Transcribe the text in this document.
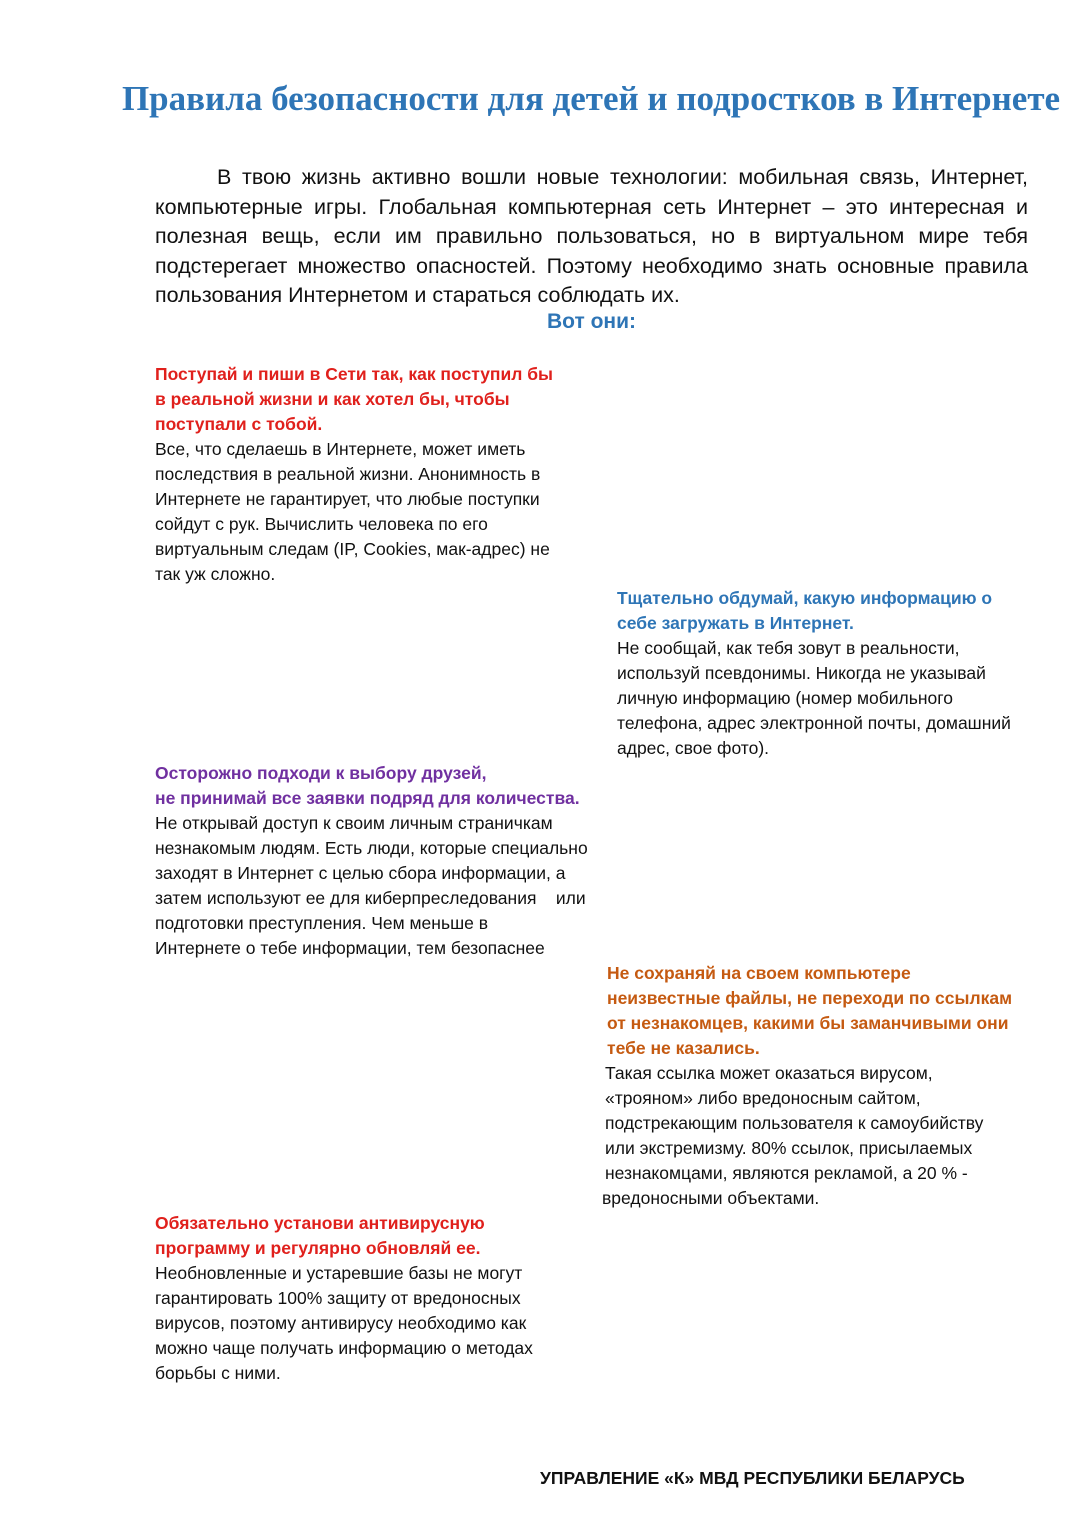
Правила безопасности для детей и подростков в Интернете

В твою жизнь активно вошли новые технологии: мобильная связь, Интернет, компьютерные игры. Глобальная компьютерная сеть Интернет – это интересная и полезная вещь, если им правильно пользоваться, но в виртуальном мире тебя подстерегает множество опасностей. Поэтому необходимо знать основные правила пользования Интернетом и стараться соблюдать их.

Вот они:
Поступай и пиши в Сети так, как поступил бы
в реальной жизни и как хотел бы, чтобы
поступали с тобой.

Все, что сделаешь в Интернете, может иметь
последствия в реальной жизни. Анонимность в
Интернете не гарантирует, что любые поступки
сойдут с рук. Вычислить человека по его
виртуальным следам (IP, Cookies, мак-адрес) не
так уж сложно.

Тщательно обдумай, какую информацию о
себе загружать в Интернет.

Не сообщай, как тебя зовут в реальности,
используй псевдонимы. Никогда не указывай
личную информацию (номер мобильного
телефона, адрес электронной почты, домашний
адрес, свое фото).

Осторожно подходи к выбору друзей,
не принимай все заявки подряд для количества.

Не открывай доступ к своим личным страничкам
незнакомым людям. Есть люди, которые специально
заходят в Интернет с целью сбора информации, а
затем используют ее для киберпреследования    или
подготовки преступления. Чем меньше в
Интернете о тебе информации, тем безопаснее

Не сохраняй на своем компьютере
неизвестные файлы, не переходи по ссылкам
от незнакомцев, какими бы заманчивыми они
тебе не казались.

Такая ссылка может оказаться вирусом,
«трояном» либо вредоносным сайтом,
подстрекающим пользователя к самоубийству
или экстремизму. 80% ссылок, присылаемых
незнакомцами, являются рекламой, а 20 % -
вредоносными объектами.

Обязательно установи антивирусную
программу и регулярно обновляй ее.

Необновленные и устаревшие базы не могут
гарантировать 100% защиту от вредоносных
вирусов, поэтому антивирусу необходимо как
можно чаще получать информацию о методах
борьбы с ними.

УПРАВЛЕНИЕ «К» МВД РЕСПУБЛИКИ БЕЛАРУСЬ
